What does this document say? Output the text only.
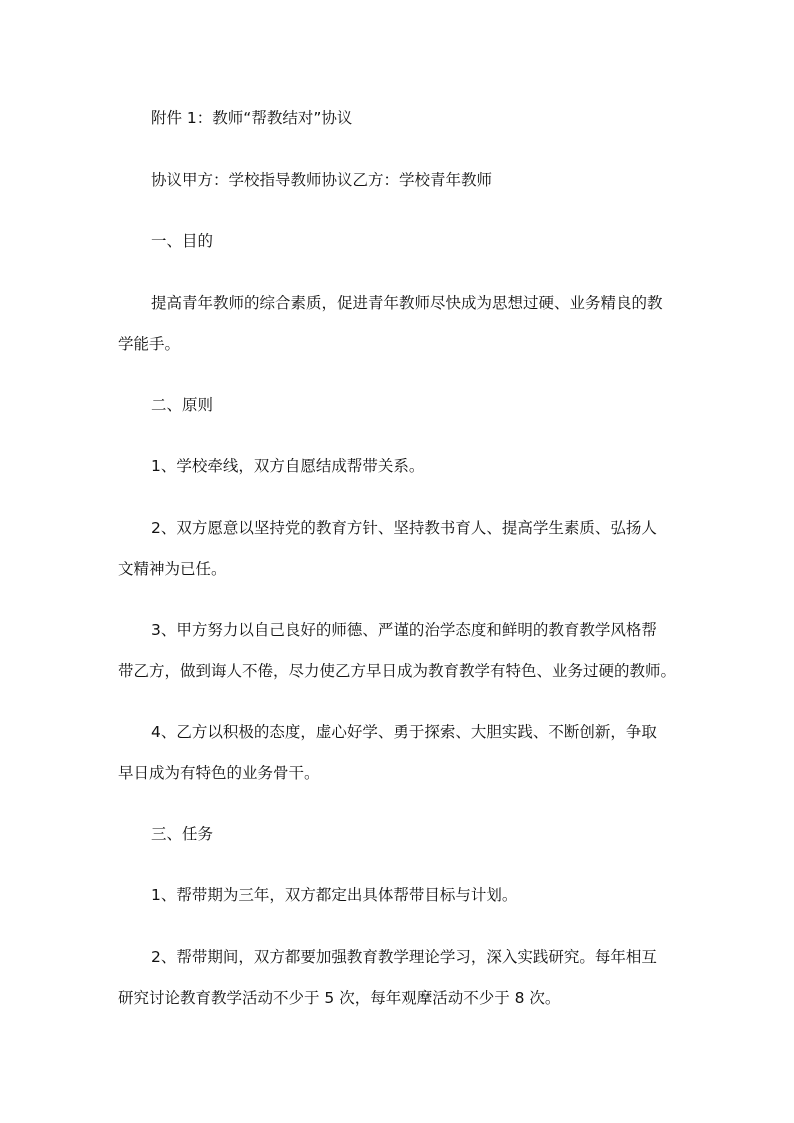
附件 1：教师“帮教结对”协议
协议甲方：学校指导教师协议乙方：学校青年教师
一、目的
提高青年教师的综合素质，促进青年教师尽快成为思想过硬、业务精良的教
学能手。
二、原则
1、学校牵线，双方自愿结成帮带关系。
2、双方愿意以坚持党的教育方针、坚持教书育人、提高学生素质、弘扬人
文精神为已任。
3、甲方努力以自己良好的师德、严谨的治学态度和鲜明的教育教学风格帮
带乙方，做到诲人不倦，尽力使乙方早日成为教育教学有特色、业务过硬的教师。
4、乙方以积极的态度，虚心好学、勇于探索、大胆实践、不断创新，争取
早日成为有特色的业务骨干。
三、任务
1、帮带期为三年，双方都定出具体帮带目标与计划。
2、帮带期间，双方都要加强教育教学理论学习，深入实践研究。每年相互
研究讨论教育教学活动不少于 5 次，每年观摩活动不少于 8 次。
